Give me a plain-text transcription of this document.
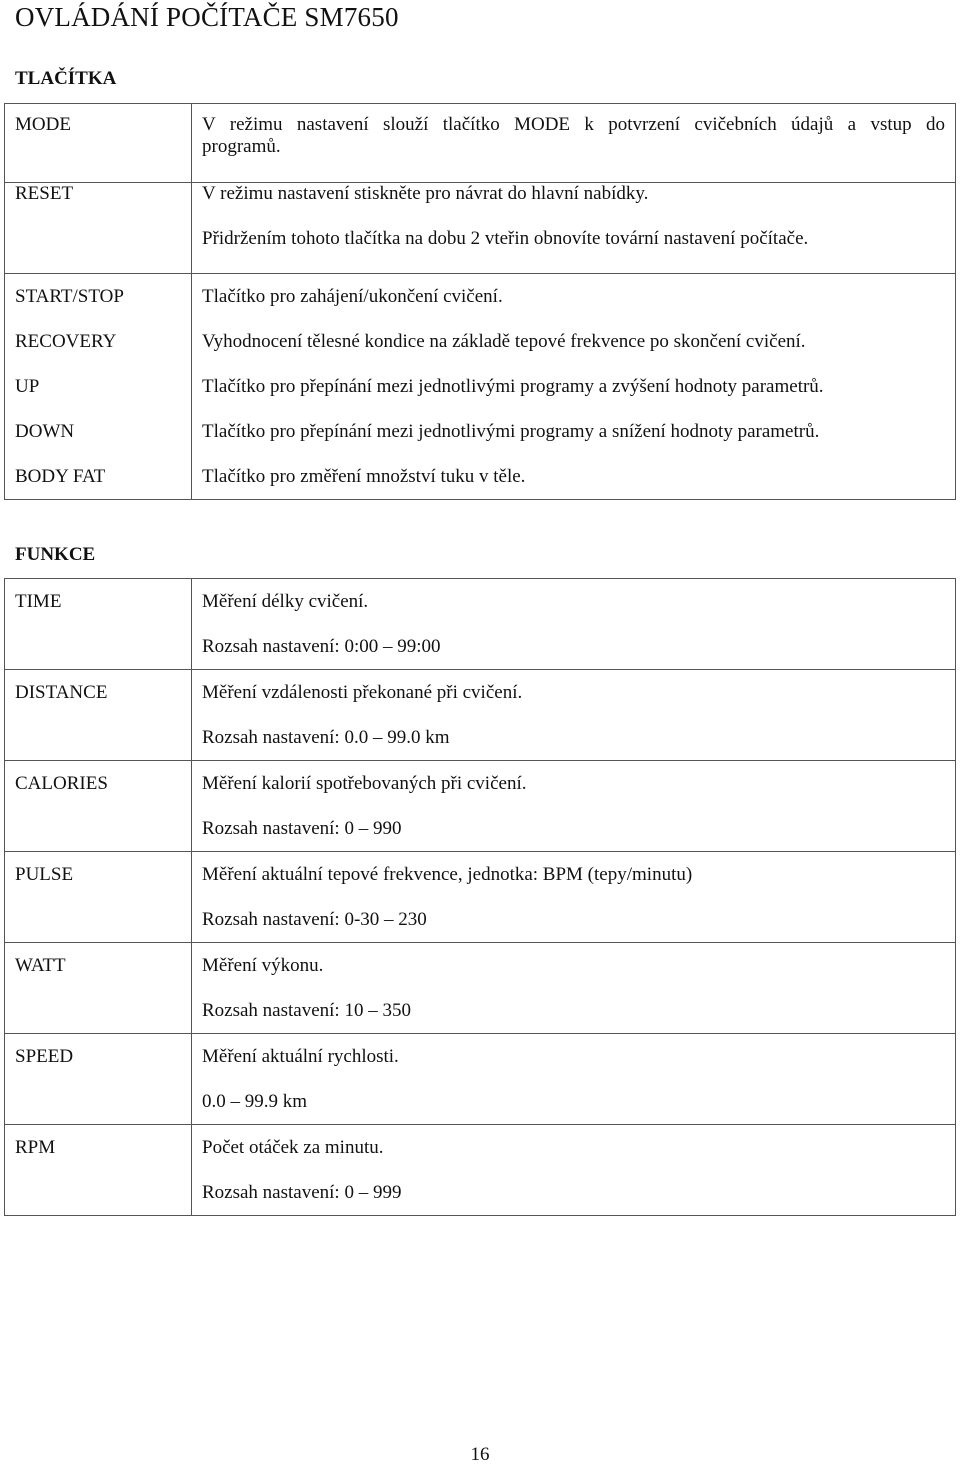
OVLÁDÁNÍ POČÍTAČE SM7650
TLAČÍTKA
MODE	V režimu nastavení slouží tlačítko MODE k potvrzení cvičebních údajů a vstup do
programů.

RESET	V režimu nastavení stiskněte pro návrat do hlavní nabídky.
Přidržením tohoto tlačítka na dobu 2 vteřin obnovíte tovární nastavení počítače.

START/STOP	Tlačítko pro zahájení/ukončení cvičení.
RECOVERY	Vyhodnocení tělesné kondice na základě tepové frekvence po skončení cvičení.
UP	Tlačítko pro přepínání mezi jednotlivými programy a zvýšení hodnoty parametrů.
DOWN	Tlačítko pro přepínání mezi jednotlivými programy a snížení hodnoty parametrů.
BODY FAT	Tlačítko pro změření množství tuku v těle.
FUNKCE
TIME	Měření délky cvičení.
Rozsah nastavení: 0:00 – 99:00

DISTANCE	Měření vzdálenosti překonané při cvičení.
Rozsah nastavení: 0.0 – 99.0 km

CALORIES	Měření kalorií spotřebovaných při cvičení.
Rozsah nastavení: 0 – 990

PULSE	Měření aktuální tepové frekvence, jednotka: BPM (tepy/minutu)
Rozsah nastavení: 0-30 – 230

WATT	Měření výkonu.
Rozsah nastavení: 10 – 350

SPEED	Měření aktuální rychlosti.
0.0 – 99.9 km

RPM	Počet otáček za minutu.
Rozsah nastavení: 0 – 999
16
